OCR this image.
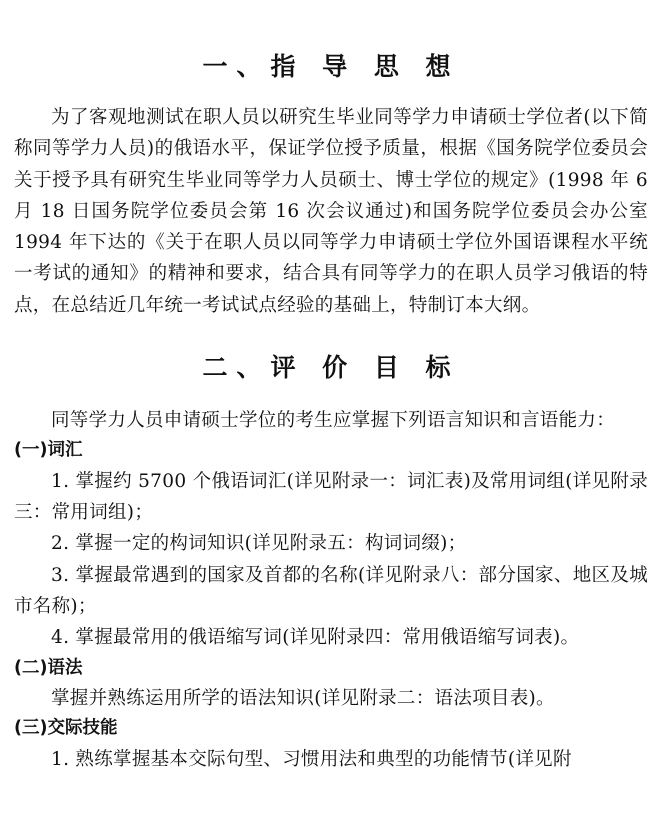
一、指 导 思 想

为了客观地测试在职人员以研究生毕业同等学力申请硕士学位者(以下简称同等学力人员)的俄语水平，保证学位授予质量，根据《国务院学位委员会关于授予具有研究生毕业同等学力人员硕士、博士学位的规定》(1998 年 6 月 18 日国务院学位委员会第 16 次会议通过)和国务院学位委员会办公室 1994 年下达的《关于在职人员以同等学力申请硕士学位外国语课程水平统一考试的通知》的精神和要求，结合具有同等学力的在职人员学习俄语的特点，在总结近几年统一考试试点经验的基础上，特制订本大纲。

二、评 价 目 标

同等学力人员申请硕士学位的考生应掌握下列语言知识和言语能力：

(一)词汇

1. 掌握约 5700 个俄语词汇(详见附录一：词汇表)及常用词组(详见附录三：常用词组)；

2. 掌握一定的构词知识(详见附录五：构词词缀)；

3. 掌握最常遇到的国家及首都的名称(详见附录八：部分国家、地区及城市名称)；

4. 掌握最常用的俄语缩写词(详见附录四：常用俄语缩写词表)。

(二)语法

掌握并熟练运用所学的语法知识(详见附录二：语法项目表)。

(三)交际技能

1. 熟练掌握基本交际句型、习惯用法和典型的功能情节(详见附
